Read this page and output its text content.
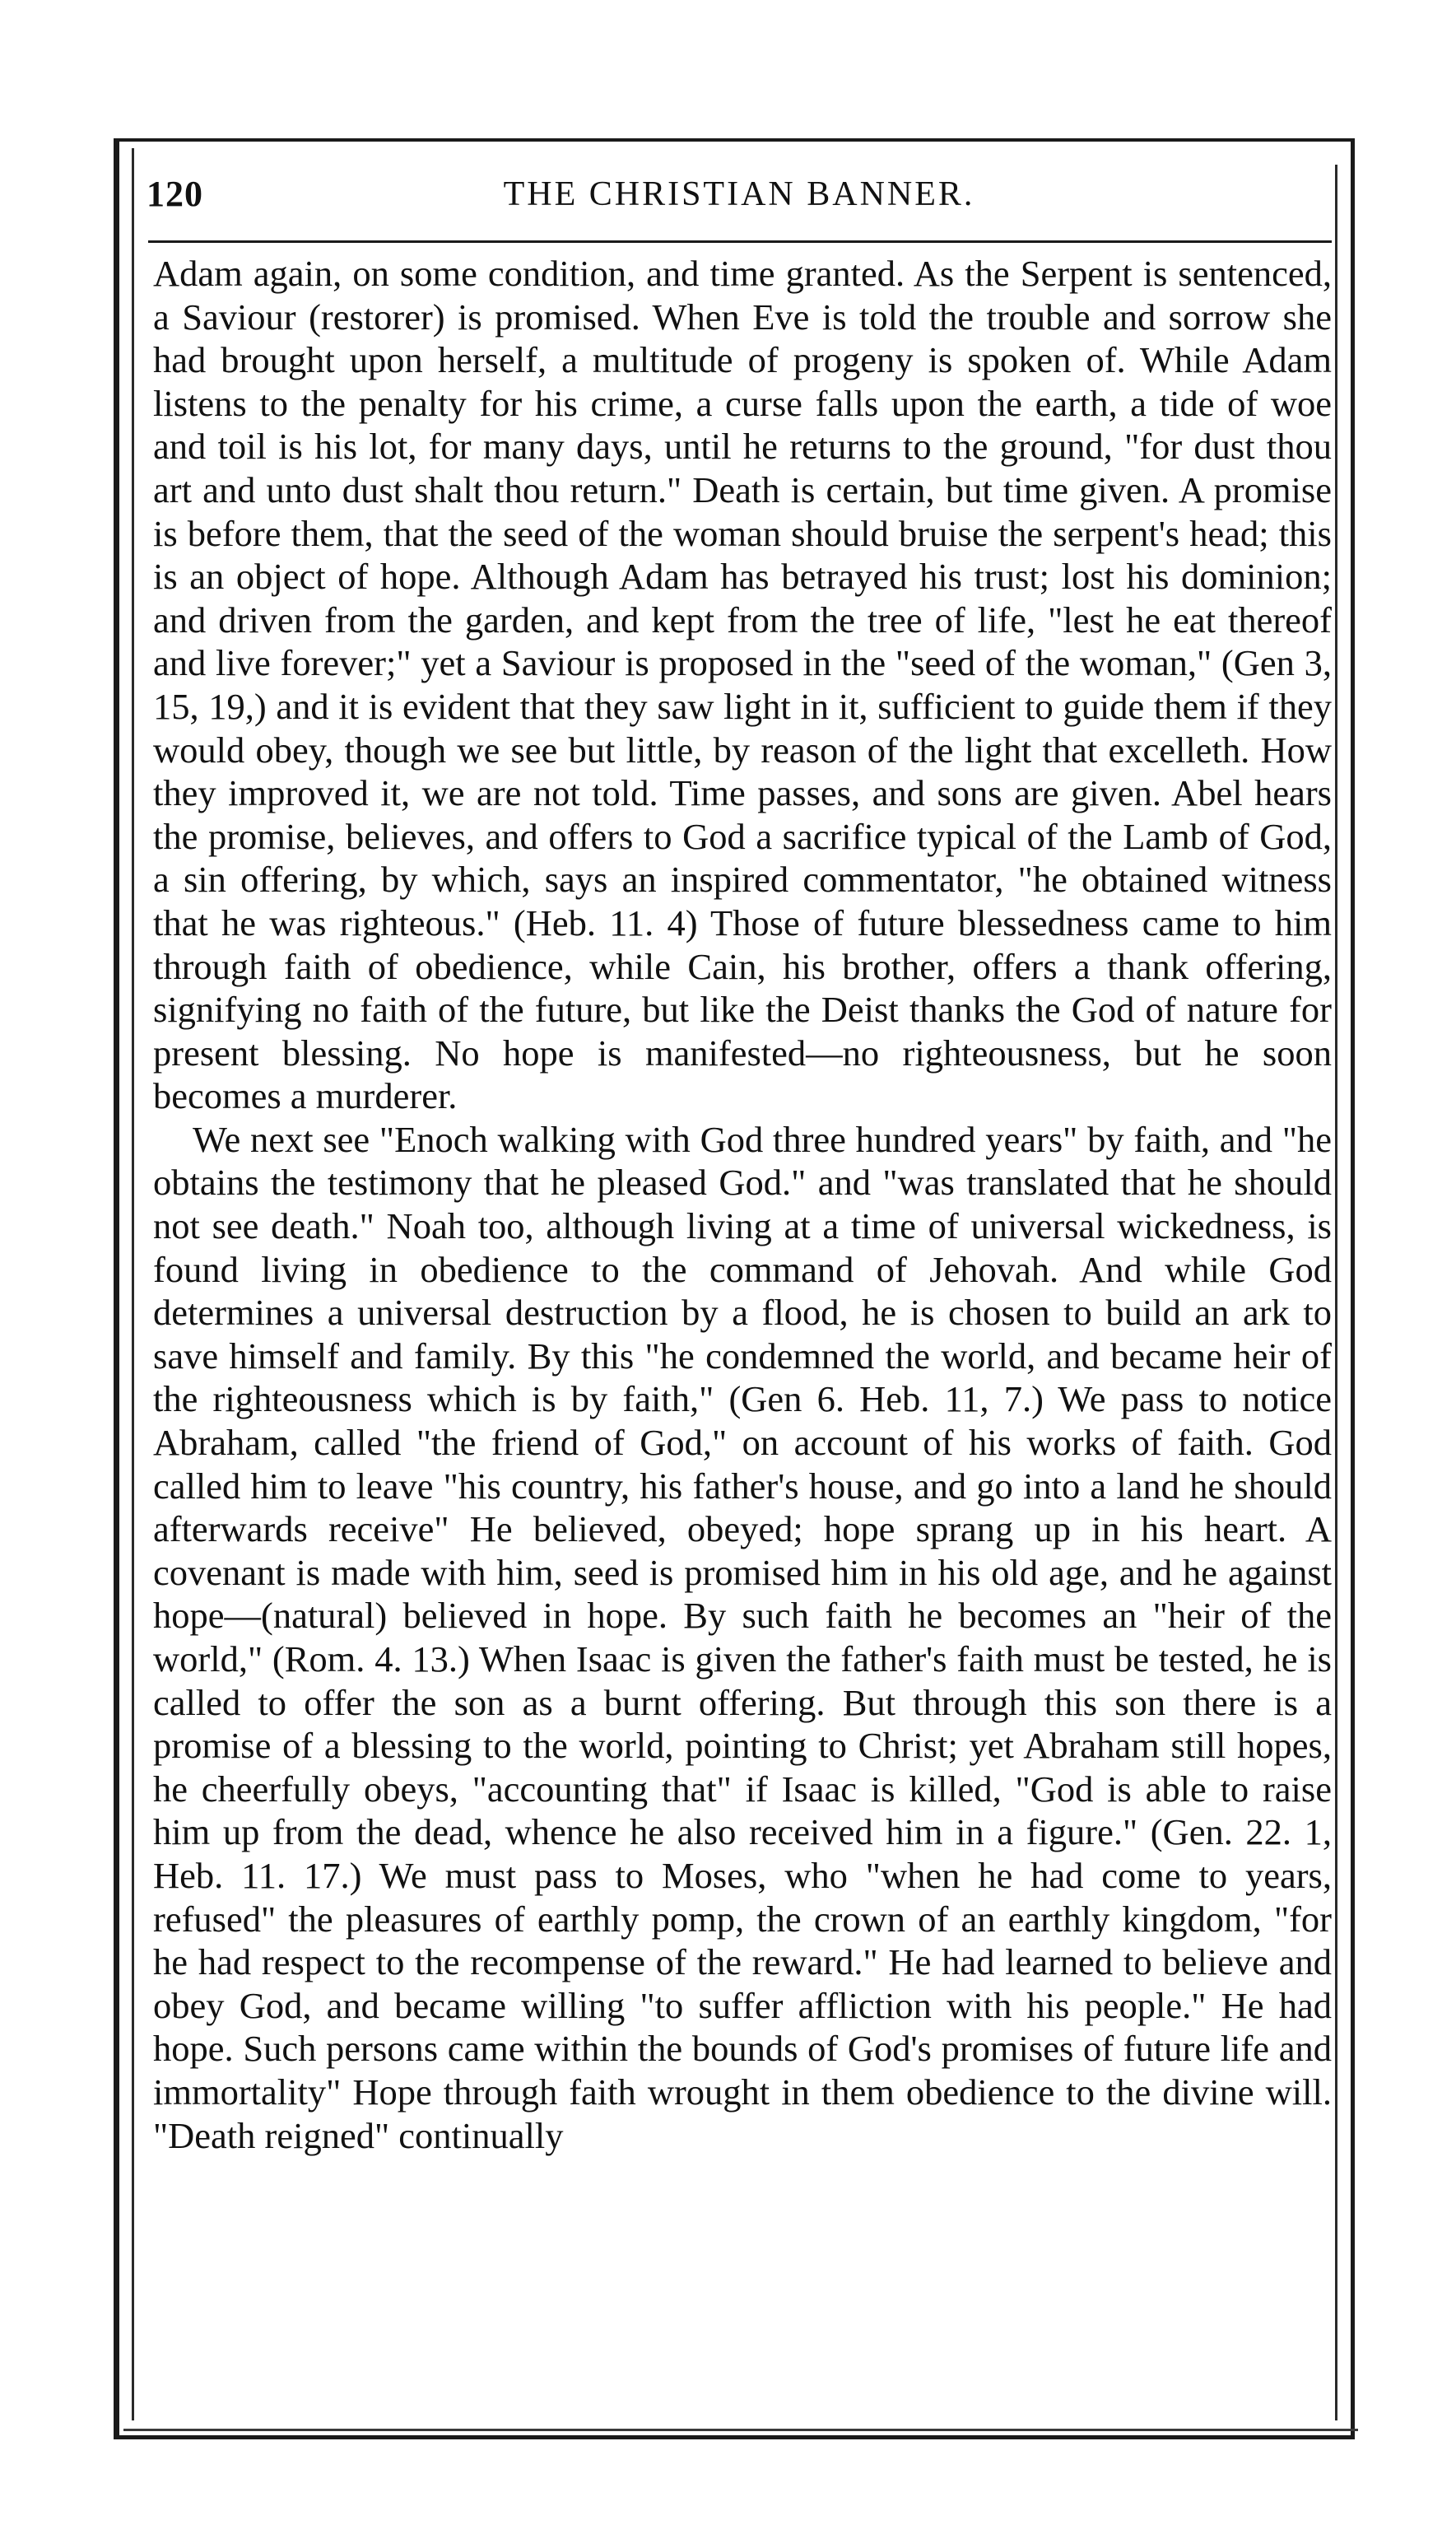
120	THE CHRISTIAN BANNER.

Adam again, on some condition, and time granted. As the Serpent is sentenced, a Saviour (restorer) is promised. When Eve is told the trouble and sorrow she had brought upon herself, a multitude of progeny is spoken of. While Adam listens to the penalty for his crime, a curse falls upon the earth, a tide of woe and toil is his lot, for many days, until he returns to the ground, "for dust thou art and unto dust shalt thou return." Death is certain, but time given. A promise is before them, that the seed of the woman should bruise the serpent's head; this is an object of hope. Although Adam has betrayed his trust; lost his dominion; and driven from the garden, and kept from the tree of life, "lest he eat thereof and live forever;" yet a Saviour is proposed in the "seed of the woman," (Gen 3, 15, 19,) and it is evident that they saw light in it, sufficient to guide them if they would obey, though we see but little, by reason of the light that excelleth. How they improved it, we are not told. Time passes, and sons are given. Abel hears the promise, believes, and offers to God a sacrifice typical of the Lamb of God, a sin offering, by which, says an inspired commentator, "he obtained witness that he was righteous." (Heb. 11. 4) Those of future blessedness came to him through faith of obedience, while Cain, his brother, offers a thank offering, signifying no faith of the future, but like the Deist thanks the God of nature for present blessing. No hope is manifested—no righteousness, but he soon becomes a murderer.

We next see "Enoch walking with God three hundred years" by faith, and "he obtains the testimony that he pleased God." and "was translated that he should not see death." Noah too, although living at a time of universal wickedness, is found living in obedience to the command of Jehovah. And while God determines a universal destruction by a flood, he is chosen to build an ark to save himself and family. By this "he condemned the world, and became heir of the righteousness which is by faith," (Gen 6. Heb. 11, 7.) We pass to notice Abraham, called "the friend of God," on account of his works of faith. God called him to leave "his country, his father's house, and go into a land he should afterwards receive" He believed, obeyed; hope sprang up in his heart. A covenant is made with him, seed is promised him in his old age, and he against hope—(natural) believed in hope. By such faith he becomes an "heir of the world," (Rom. 4. 13.) When Isaac is given the father's faith must be tested, he is called to offer the son as a burnt offering. But through this son there is a promise of a blessing to the world, pointing to Christ; yet Abraham still hopes, he cheerfully obeys, "accounting that" if Isaac is killed, "God is able to raise him up from the dead, whence he also received him in a figure." (Gen. 22. 1, Heb. 11. 17.) We must pass to Moses, who "when he had come to years, refused" the pleasures of earthly pomp, the crown of an earthly kingdom, "for he had respect to the recompense of the reward." He had learned to believe and obey God, and became willing "to suffer affliction with his people." He had hope. Such persons came within the bounds of God's promises of future life and immortality" Hope through faith wrought in them obedience to the divine will. "Death reigned" continually
